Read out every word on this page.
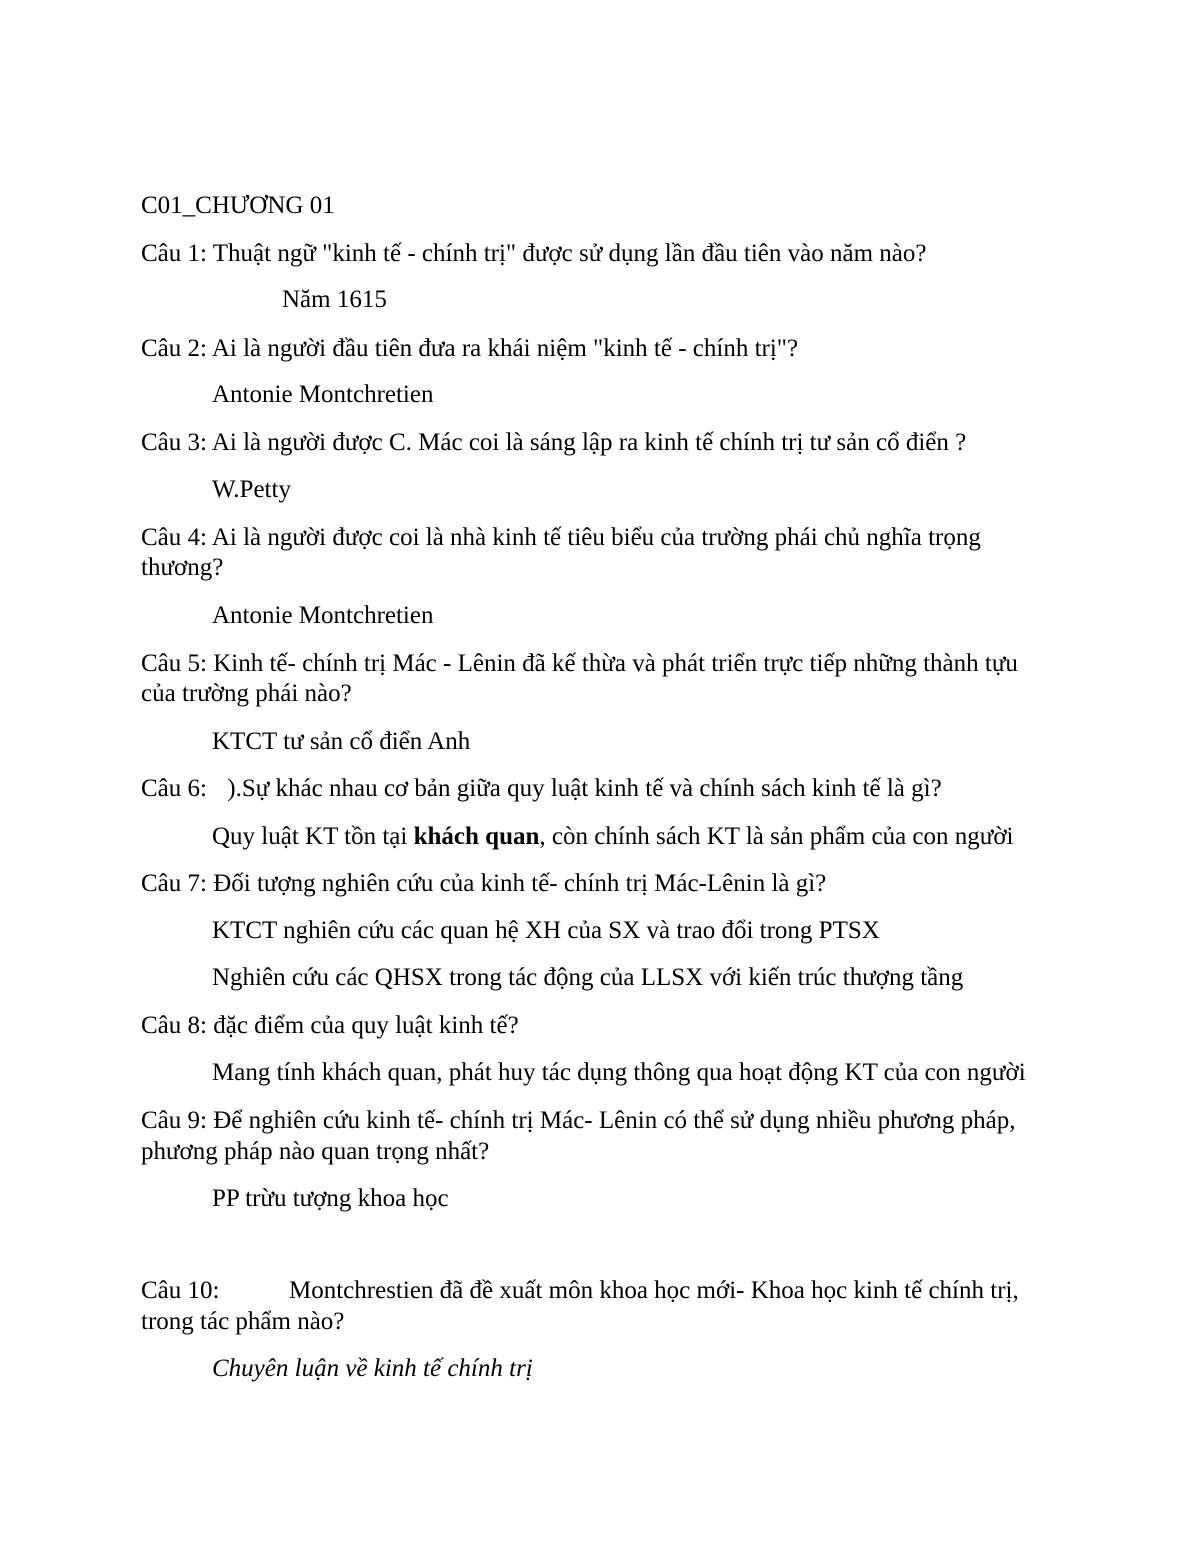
C01_CHƯƠNG 01

Câu 1: Thuật ngữ "kinh tế - chính trị" được sử dụng lần đầu tiên vào năm nào?

Năm 1615

Câu 2: Ai là người đầu tiên đưa ra khái niệm "kinh tế - chính trị"?

Antonie Montchretien

Câu 3: Ai là người được C. Mác coi là sáng lập ra kinh tế chính trị tư sản cổ điển ?

W.Petty

Câu 4: Ai là người được coi là nhà kinh tế tiêu biểu của trường phái chủ nghĩa trọng

thương?

Antonie Montchretien

Câu 5: Kinh tế- chính trị Mác - Lênin đã kế thừa và phát triển trực tiếp những thành tựu

của trường phái nào?

KTCT tư sản cổ điển Anh

Câu 6: ).Sự khác nhau cơ bản giữa quy luật kinh tế và chính sách kinh tế là gì?

Quy luật KT tồn tại khách quan, còn chính sách KT là sản phẩm của con người

Câu 7: Đối tượng nghiên cứu của kinh tế- chính trị Mác-Lênin là gì?

KTCT nghiên cứu các quan hệ XH của SX và trao đổi trong PTSX

Nghiên cứu các QHSX trong tác động của LLSX với kiến trúc thượng tầng

Câu 8: đặc điểm của quy luật kinh tế?

Mang tính khách quan, phát huy tác dụng thông qua hoạt động KT của con người

Câu 9: Để nghiên cứu kinh tế- chính trị Mác- Lênin có thể sử dụng nhiều phương pháp,

phương pháp nào quan trọng nhất?

PP trừu tượng khoa học

Câu 10:	Montchrestien đã đề xuất môn khoa học mới- Khoa học kinh tế chính trị,

trong tác phẩm nào?

Chuyên luận về kinh tế chính trị
